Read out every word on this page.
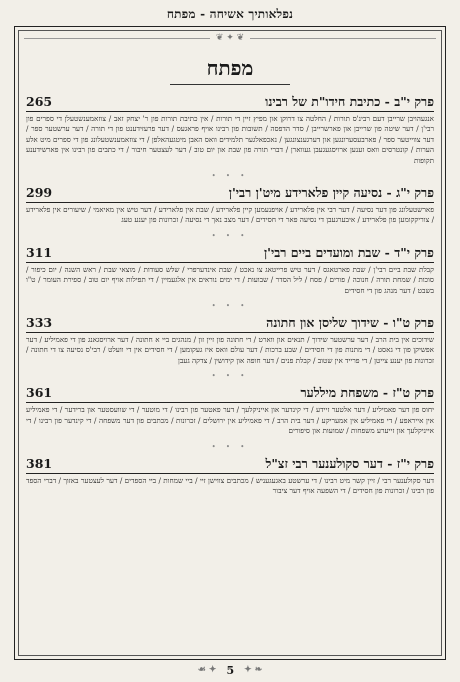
נפלאותיך אשיחה - מפתח
❦ ✦ ❦
מפתח
פרק י"ב - כתיבת חידו"ת של רבינו
265
אנגעהויבן שרייבן דעם רבינ'ס תורות / החלטה צו דרוקן און מפיץ זיין די תורות / אין כתיבת תורות פון ר' יצחק זאב / צוזאמענשטעלן די ספרים פון רבי'ן / דער שיטה פון שרייבן און פארשרייבן / סדר הדפסה / תשובות פון רבינו אויף פראגעס / דער פרעזידענט פון די תורה / דער ערשטער ספר / דער צווייטער ספר / פארבעסערונגען און דערגענצונגען / נאכפאלגער תלמידים וואס האבן מיטגעהאלפן / די צוזאמענשטעלונג פון די ספרים מיט אלע הערות / קונטרסים וואס זענען ארויסגעגעבן געווארן / דברי תורה פון שבת און יום טוב / דער לעצטער חיבור / די כתבים פון רבינו אין פארשידענע תקופות
• • •
פרק י"ג - נסיעה קיין פלארידע מיט'ן רבי'ן
299
פארשטעלונג פון דער נסיעה / דער רבי אין פלארידע / אויפנעמען קיין פלארידע / שבת אין פלארידע / דער טיש אין מאיאמי / שיעורים אין פלארידע / צוריקקומען פון פלארידע / איבערגעבן די נסיעה פאר די חסידים / דער מצב נאך די נסיעה / זכרונות פון יענע טעג
• • •
פרק י"ד - שבת ומועדים ביים רבי'ן
311
קבלת שבת ביים רבי'ן / שבת פארטאגס / דער טיש פרייטאג צו נאכט / שבת אינדערפרי / שלש סעודות / מוצאי שבת / ראש השנה / יום כיפור / סוכות / שמחת תורה / חנוכה / פורים / פסח / ליל הסדר / שבועות / די ימים נוראים אין אלגעמיין / די תפילות אויף יום טוב / ספירת העומר / ט"ו בשבט / דער מנהג פון די חסידים
• • •
פרק ט"ו - שידוך שליסן און חתונה
333
שידוכים אין בית הרב / דער ערשטער שידוך / תנאים און ווארט / די חתונה פון זיין זון / מנהגים ביי א חתונה / דער ארויסגאנג פון די פאמיליע / דער אפשיקן פון די גאסט / די מתנות פון די חסידים / שבע ברכות / דער עולם וואס איז געקומען / די חסידים אין די וועלט / רבי'ס נסיעה צו די חתונה / זכרונות פון יענע צייטן / די פרייד אין שטוב / קבלת פנים / דער חופה און קידושין / צדקה געבן
• • •
פרק ט"ז - משפחת מיללער
361
יחוס פון דער פאמיליע / דער אלטער זיידע / די קינדער און אייניקלעך / דער פאטער פון רבינו / די מוטער / די שוועסטער און ברידער / די פאמיליע אין אייראפע / די פאמיליע אין אמעריקע / דער בית הרב / די פאמיליע אין ירושלים / זכרונות / מכתבים פון דער משפחה / די קינדער פון רבינו / די אייניקלעך און זייערע משפחות / שמועות און סיפורים
• • •
פרק י"ז - דער סקולענער רבי זצ"ל
381
דער סקולענער רבי / זיין קשר מיט רבינו / די ערשטע באגעגעניש / מכתבים צווישן זיי / ביי שמחות / ביי הספדים / דער לעצטער באזוך / דברי הספד פון רבינו / זכרונות פון חסידים / די השפעה אויף דער ציבור
❧ ✦
5
✦ ☙
